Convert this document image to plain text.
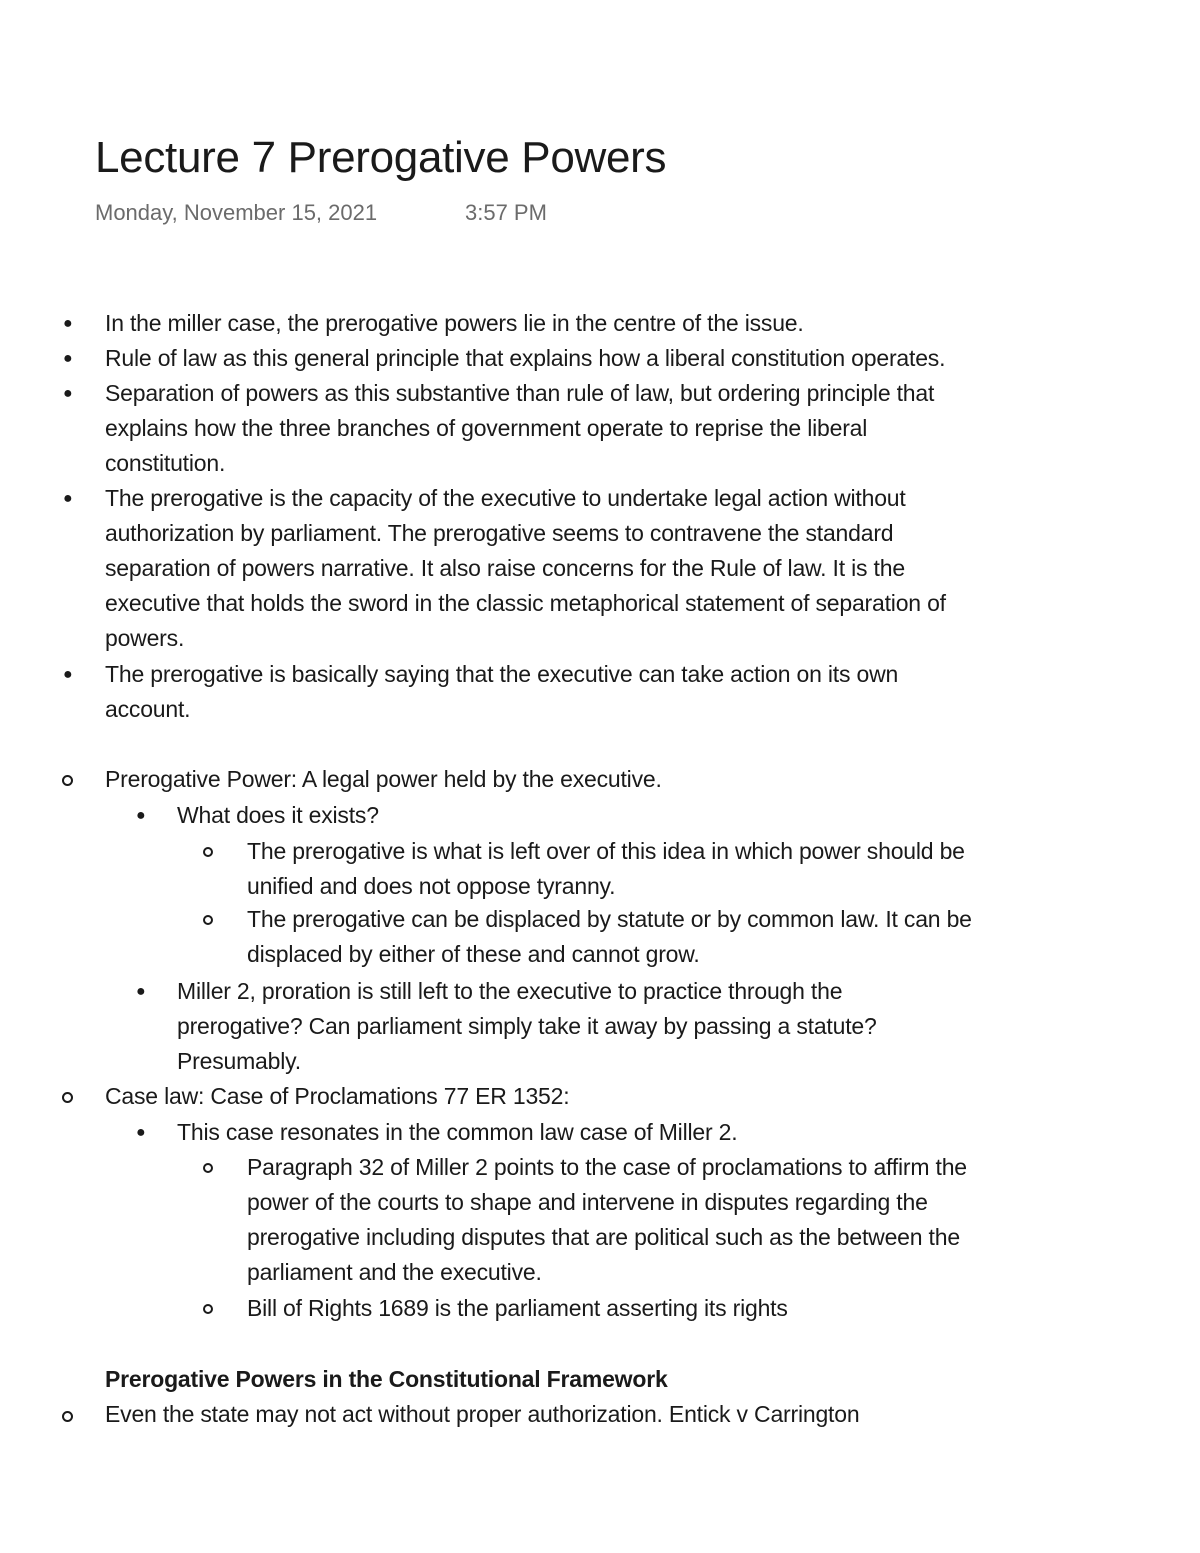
Lecture 7 Prerogative Powers
Monday, November 15, 2021	3:57 PM
● In the miller case, the prerogative powers lie in the centre of the issue.
● Rule of law as this general principle that explains how a liberal constitution operates.
● Separation of powers as this substantive than rule of law, but ordering principle that
explains how the three branches of government operate to reprise the liberal
constitution.
● The prerogative is the capacity of the executive to undertake legal action without
authorization by parliament. The prerogative seems to contravene the standard
separation of powers narrative. It also raise concerns for the Rule of law. It is the
executive that holds the sword in the classic metaphorical statement of separation of
powers.
● The prerogative is basically saying that the executive can take action on its own
account.
Prerogative Power: A legal power held by the executive.
● What does it exists?
The prerogative is what is left over of this idea in which power should be
unified and does not oppose tyranny.
The prerogative can be displaced by statute or by common law. It can be
displaced by either of these and cannot grow.
● Miller 2, proration is still left to the executive to practice through the
prerogative? Can parliament simply take it away by passing a statute?
Presumably.
Case law: Case of Proclamations 77 ER 1352:
● This case resonates in the common law case of Miller 2.
Paragraph 32 of Miller 2 points to the case of proclamations to affirm the
power of the courts to shape and intervene in disputes regarding the
prerogative including disputes that are political such as the between the
parliament and the executive.
Bill of Rights 1689 is the parliament asserting its rights
Prerogative Powers in the Constitutional Framework
Even the state may not act without proper authorization. Entick v Carrington
